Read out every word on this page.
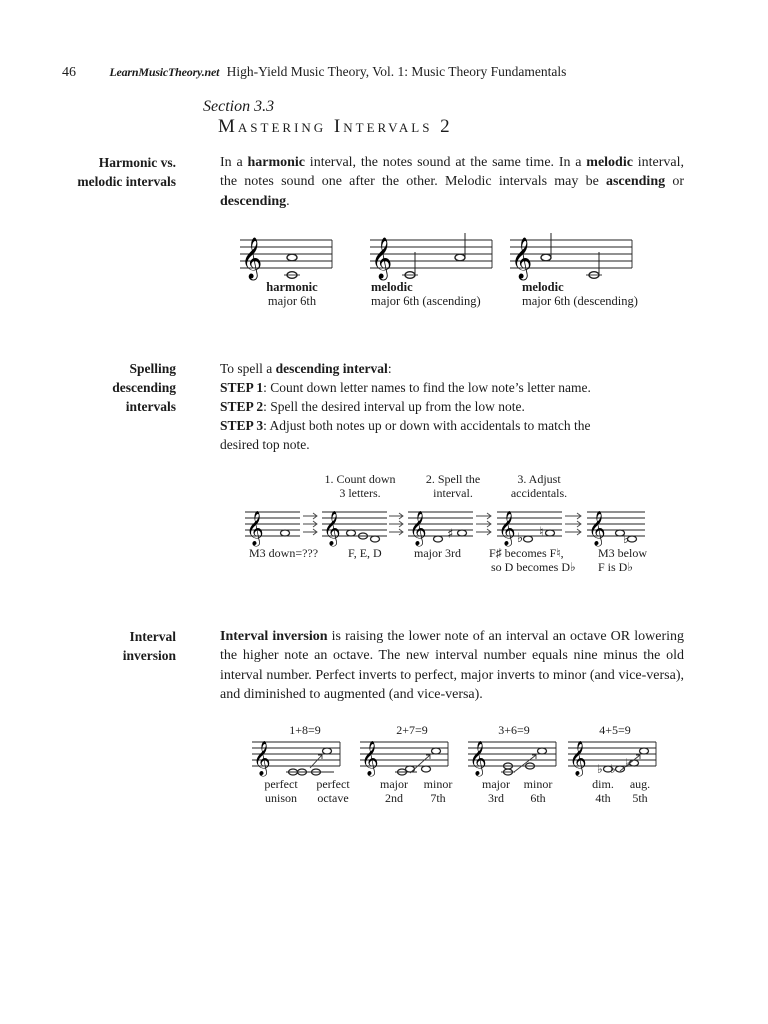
46	LearnMusicTheory.net High-Yield Music Theory, Vol. 1: Music Theory Fundamentals
Section 3.3
Mastering Intervals 2
Harmonic vs.
melodic intervals
In a harmonic interval, the notes sound at the same time. In a melodic interval, the notes sound one after the other. Melodic intervals may be ascending or descending.
𝄞
harmonic
major 6th
𝄞
melodic
major 6th (ascending)
𝄞
melodic
major 6th (descending)
Spelling
descending
intervals
To spell a descending interval:
STEP 1: Count down letter names to find the low note’s letter name.
STEP 2: Spell the desired interval up from the low note.
STEP 3: Adjust both notes up or down with accidentals to match the
desired top note.
1. Count down
3 letters.
2. Spell the
interval.
3. Adjust
accidentals.
𝄞 𝄞 𝄞 𝄞 𝄞
♯	♭ ♮	♭
M3 down=??? F, E, D	major 3rd F♯ becomes F♮,
so D becomes D♭
M3 below
F is D♭
Interval
inversion
Interval inversion is raising the lower note of an interval an octave OR lowering the higher note an octave. The new interval number equals nine minus the old interval number. Perfect inverts to perfect, major inverts to minor (and vice-versa), and diminished to augmented (and vice-versa).
1+8=9	2+7=9	3+6=9	4+5=9
𝄞	𝄞	𝄞	𝄞 ♭ ♭ ♭
perfect
unison
perfect
octave
major
2nd
minor
7th
major
3rd
minor
6th
dim.
4th
aug.
5th
